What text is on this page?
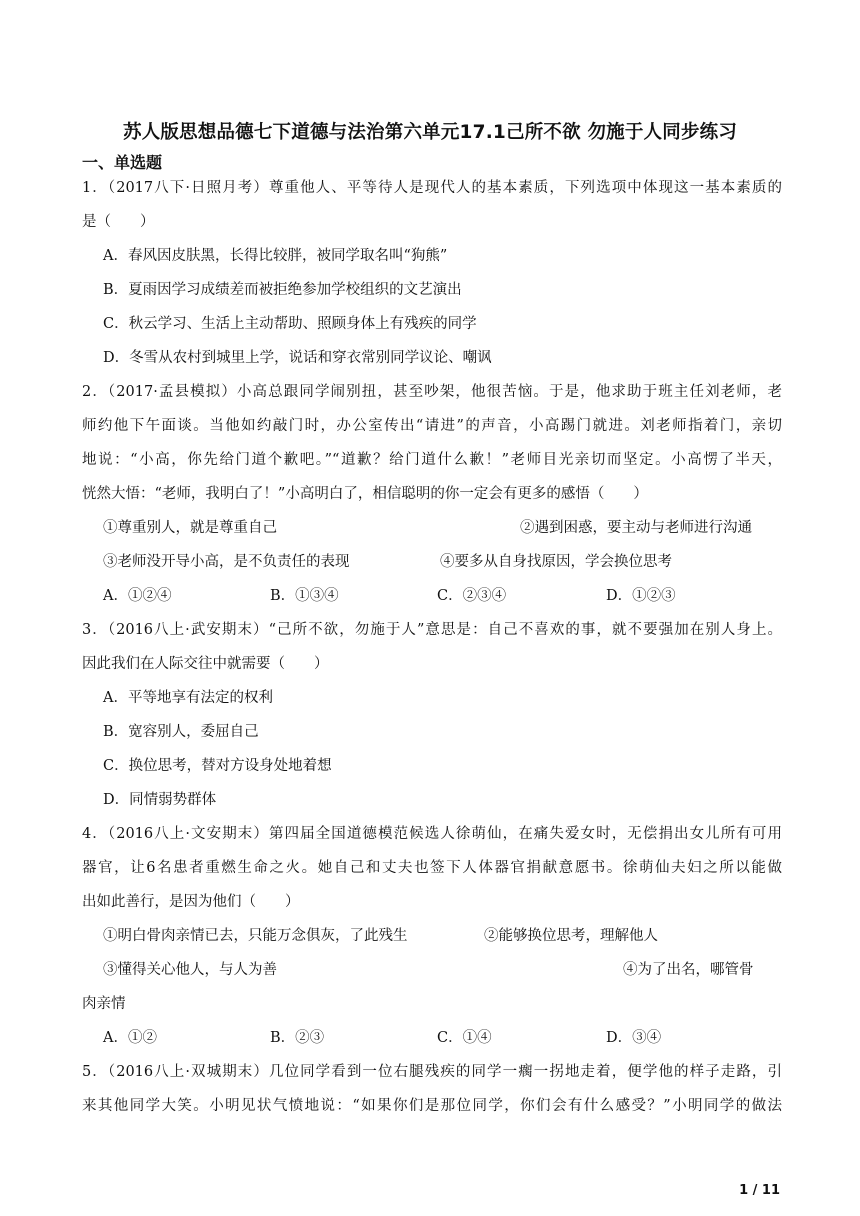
苏人版思想品德七下道德与法治第六单元17.1己所不欲 勿施于人同步练习
一、单选题
1．（2017八下·日照月考）尊重他人、平等待人是现代人的基本素质，下列选项中体现这一基本素质的
是（　　）
A．春风因皮肤黑，长得比较胖，被同学取名叫“狗熊”
B．夏雨因学习成绩差而被拒绝参加学校组织的文艺演出
C．秋云学习、生活上主动帮助、照顾身体上有残疾的同学
D．冬雪从农村到城里上学，说话和穿衣常别同学议论、嘲讽
2．（2017·孟县模拟）小高总跟同学闹别扭，甚至吵架，他很苦恼。于是，他求助于班主任刘老师，老
师约他下午面谈。当他如约敲门时，办公室传出“请进”的声音，小高踢门就进。刘老师指着门，亲切
地说：“小高，你先给门道个歉吧。”“道歉？给门道什么歉！”老师目光亲切而坚定。小高愣了半天，
恍然大悟：“老师，我明白了！”小高明白了，相信聪明的你一定会有更多的感悟（　　）
①尊重别人，就是尊重自己	②遇到困惑，要主动与老师进行沟通
③老师没开导小高，是不负责任的表现	④要多从自身找原因，学会换位思考
A．①②④	B．①③④	C．②③④	D．①②③
3．（2016八上·武安期末）“己所不欲，勿施于人”意思是：自己不喜欢的事，就不要强加在别人身上。
因此我们在人际交往中就需要（　　）
A．平等地享有法定的权利
B．宽容别人，委屈自己
C．换位思考，替对方设身处地着想
D．同情弱势群体
4．（2016八上·文安期末）第四届全国道德模范候选人徐萌仙，在痛失爱女时，无偿捐出女儿所有可用
器官，让6名患者重燃生命之火。她自己和丈夫也签下人体器官捐献意愿书。徐萌仙夫妇之所以能做
出如此善行，是因为他们（　　）
①明白骨肉亲情已去，只能万念俱灰，了此残生	②能够换位思考，理解他人
③懂得关心他人，与人为善	④为了出名，哪管骨
肉亲情
A．①②	B．②③	C．①④	D．③④
5．（2016八上·双城期末）几位同学看到一位右腿残疾的同学一瘸一拐地走着，便学他的样子走路，引
来其他同学大笑。小明见状气愤地说：“如果你们是那位同学，你们会有什么感受？”小明同学的做法
1 / 11
